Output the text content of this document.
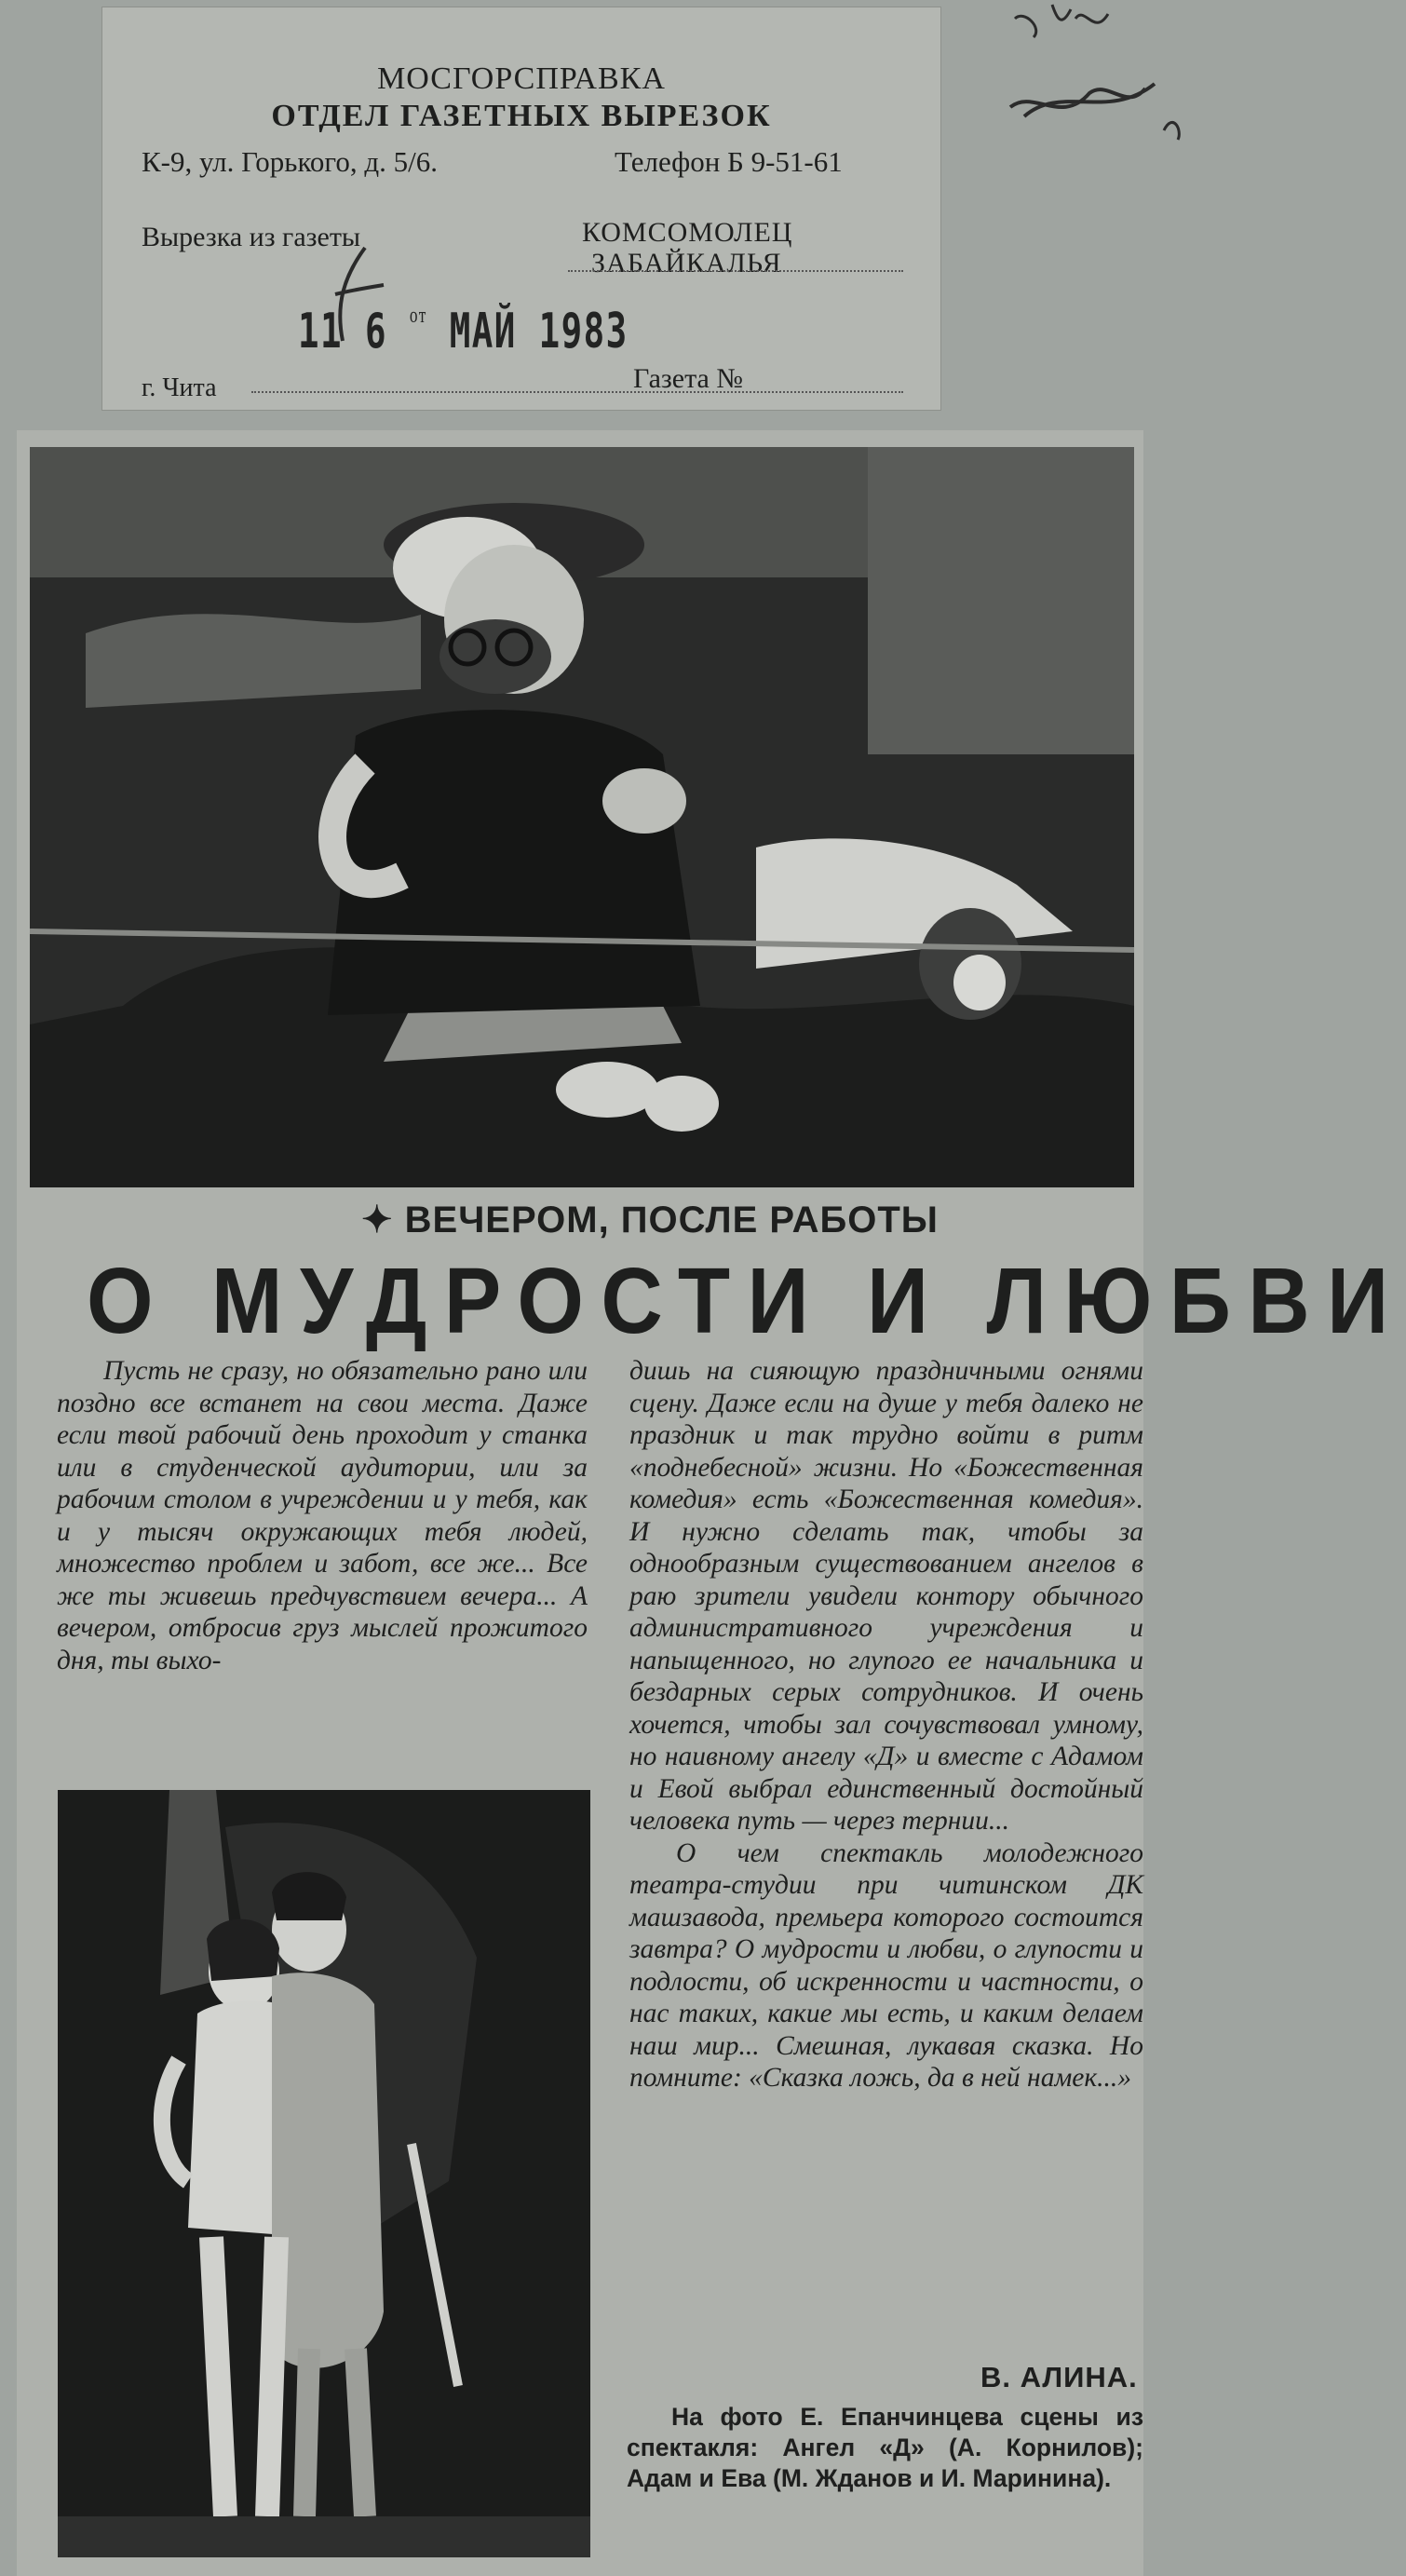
МОСГОРСПРАВКА
ОТДЕЛ ГАЗЕТНЫХ ВЫРЕЗОК
К-9, ул. Горького, д. 5/6.	Телефон Б 9-51-61
Вырезка из газеты	КОМСОМОЛЕЦ
ЗАБАЙКАЛЬЯ
11 6 $^{от}$ МАЙ 1983
г. Чита	Газета №
✦ ВЕЧЕРОМ, ПОСЛЕ РАБОТЫ
О МУДРОСТИ И ЛЮБВИ
Пусть не сразу, но обязательно рано или поздно все встанет на свои места. Даже если твой рабочий день проходит у станка или в студенческой аудитории, или за рабочим столом в учреждении и у тебя, как и у тысяч окружающих тебя людей, множество проблем и забот, все же... Все же ты живешь предчувствием вечера... А вечером, отбросив груз мыслей прожитого дня, ты выхо-

дишь на сияющую праздничными огнями сцену. Даже если на душе у тебя далеко не праздник и так трудно войти в ритм «поднебесной» жизни. Но «Божественная комедия» есть «Божественная комедия». И нужно сделать так, чтобы за однообразным существованием ангелов в раю зрители увидели контору обычного административного учреждения и напыщенного, но глупого ее начальника и бездарных серых сотрудников. И очень хочется, чтобы зал сочувствовал умному, но наивному ангелу «Д» и вместе с Адамом и Евой выбрал единственный достойный человека путь — через тернии...

О чем спектакль молодежного театра-студии при читинском ДК машзавода, премьера которого состоится завтра? О мудрости и любви, о глупости и подлости, об искренности и частности, о нас таких, какие мы есть, и каким делаем наш мир... Смешная, лукавая сказка. Но помните: «Сказка ложь, да в ней намек...»

В. АЛИНА.
На фото Е. Епанчинцева сцены из спектакля: Ангел «Д» (А. Корнилов); Адам и Ева (М. Жданов и И. Маринина).
